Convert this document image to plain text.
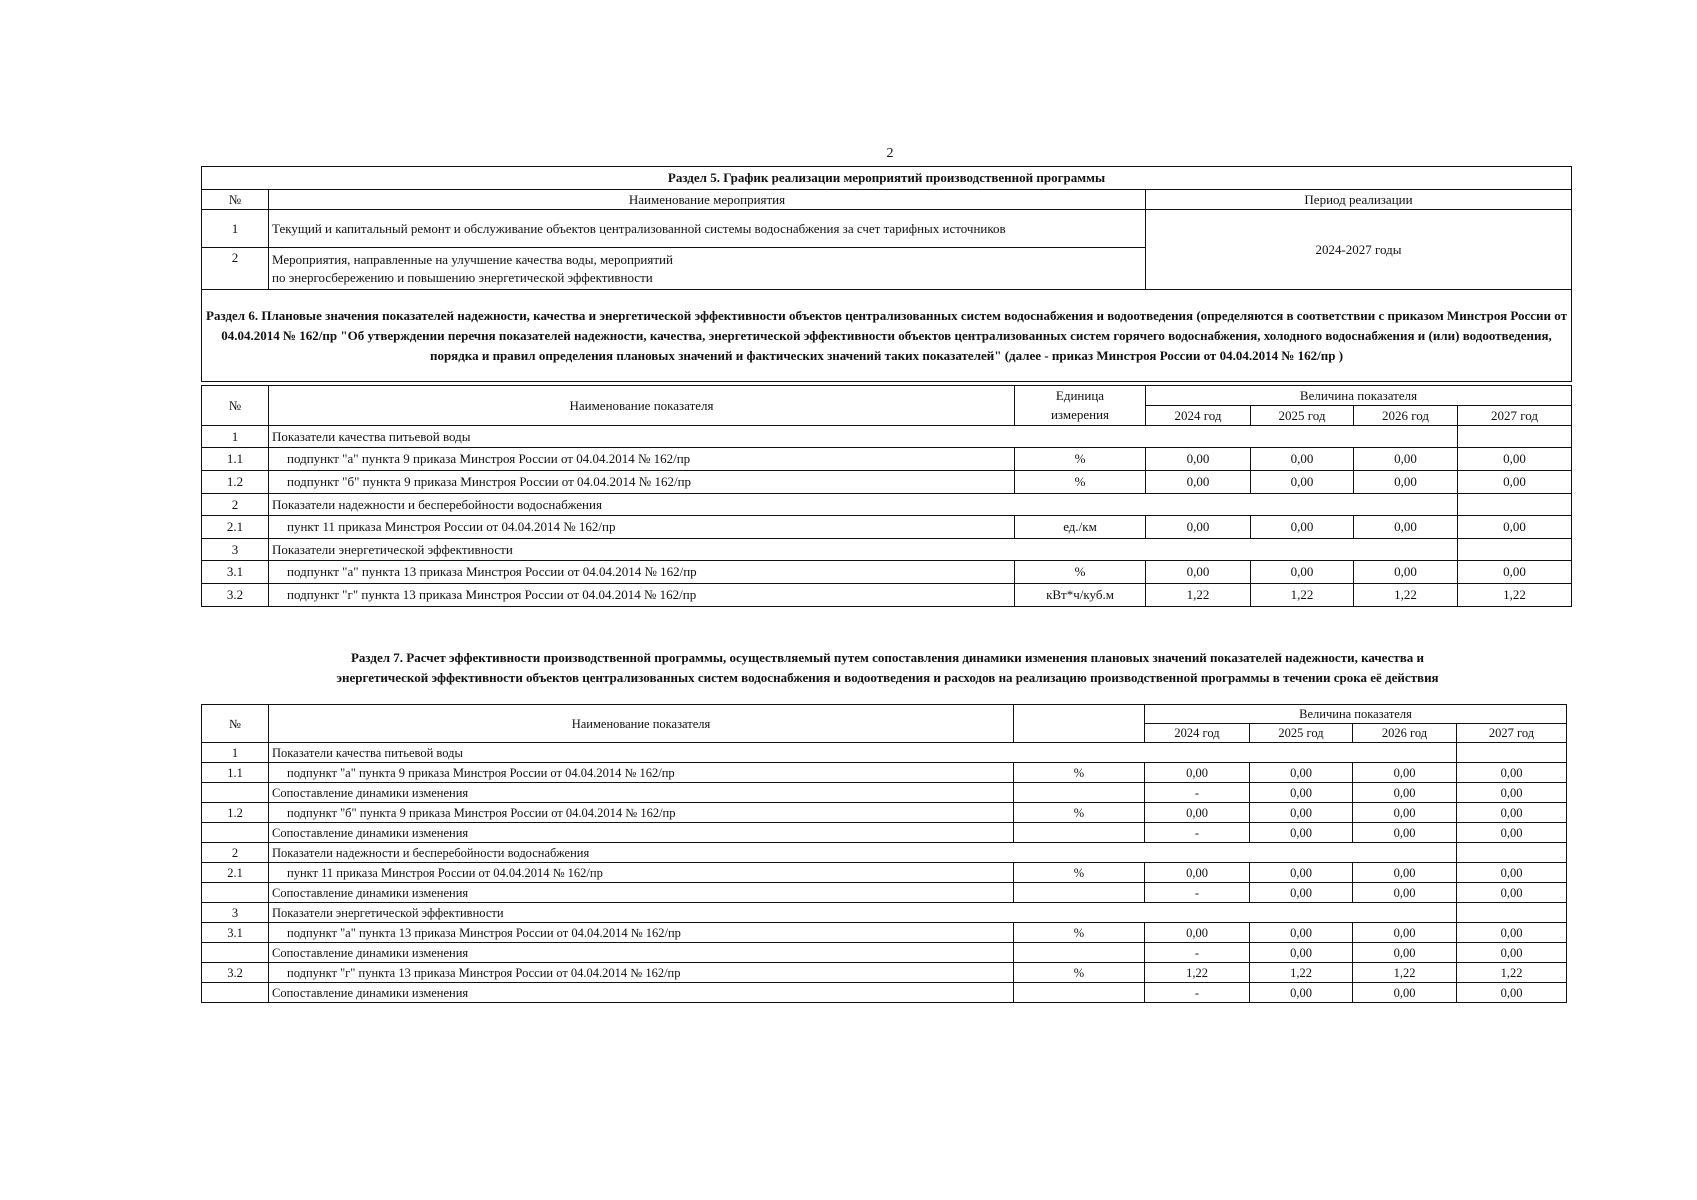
2
Раздел 5. График реализации мероприятий производственной программы		
№	Наименование мероприятия	Период реализации
1	Текущий и капитальный ремонт и обслуживание объектов централизованной системы водоснабжения за счет тарифных источников	2024-2027 годы
2	Мероприятия, направленные на улучшение качества воды, мероприятий
по энергосбережению и повышению энергетической эффективности	

Раздел 6. Плановые значения показателей надежности, качества и энергетической эффективности объектов централизованных систем водоснабжения и водоотведения (определяются в соответствии с приказом Минстроя России от 04.04.2014 № 162/пр "Об утверждении перечня показателей надежности, качества, энергетической эффективности объектов централизованных систем горячего водоснабжения, холодного водоснабжения и (или) водоотведения, порядка и правил определения плановых значений и фактических значений таких показателей" (далее - приказ Минстроя России от 04.04.2014 № 162/пр )		
№	Наименование показателя	Единица	Величина показателя			
		измерения	2024 год	2025 год	2026 год	2027 год
1	Показатели качества питьевой воды					
1.1	подпункт "а" пункта 9 приказа Минстроя России от 04.04.2014 № 162/пр	%	0,00	0,00	0,00	0,00
1.2	подпункт "б" пункта 9 приказа Минстроя России от 04.04.2014 № 162/пр	%	0,00	0,00	0,00	0,00
2	Показатели надежности и бесперебойности водоснабжения					
2.1	пункт 11 приказа Минстроя России от 04.04.2014 № 162/пр	ед./км	0,00	0,00	0,00	0,00
3	Показатели энергетической эффективности					
3.1	подпункт "а" пункта 13 приказа Минстроя России от 04.04.2014 № 162/пр	%	0,00	0,00	0,00	0,00
3.2	подпункт "г" пункта 13 приказа Минстроя России от 04.04.2014 № 162/пр	кВт*ч/куб.м	1,22	1,22	1,22	1,22
Раздел 7. Расчет эффективности производственной программы, осуществляемый путем сопоставления динамики изменения плановых значений показателей надежности, качества и
энергетической эффективности объектов централизованных систем водоснабжения и водоотведения и расходов на реализацию производственной программы в течении срока её действия
№	Наименование показателя		Величина показателя			
			2024 год	2025 год	2026 год	2027 год
1	Показатели качества питьевой воды					
1.1	подпункт "а" пункта 9 приказа Минстроя России от 04.04.2014 № 162/пр	%	0,00	0,00	0,00	0,00
	Сопоставление динамики изменения		-	0,00	0,00	0,00
1.2	подпункт "б" пункта 9 приказа Минстроя России от 04.04.2014 № 162/пр	%	0,00	0,00	0,00	0,00
	Сопоставление динамики изменения		-	0,00	0,00	0,00
2	Показатели надежности и бесперебойности водоснабжения					
2.1	пункт 11 приказа Минстроя России от 04.04.2014 № 162/пр	%	0,00	0,00	0,00	0,00
	Сопоставление динамики изменения		-	0,00	0,00	0,00
3	Показатели энергетической эффективности					
3.1	подпункт "а" пункта 13 приказа Минстроя России от 04.04.2014 № 162/пр	%	0,00	0,00	0,00	0,00
	Сопоставление динамики изменения		-	0,00	0,00	0,00
3.2	подпункт "г" пункта 13 приказа Минстроя России от 04.04.2014 № 162/пр	%	1,22	1,22	1,22	1,22
	Сопоставление динамики изменения		-	0,00	0,00	0,00
